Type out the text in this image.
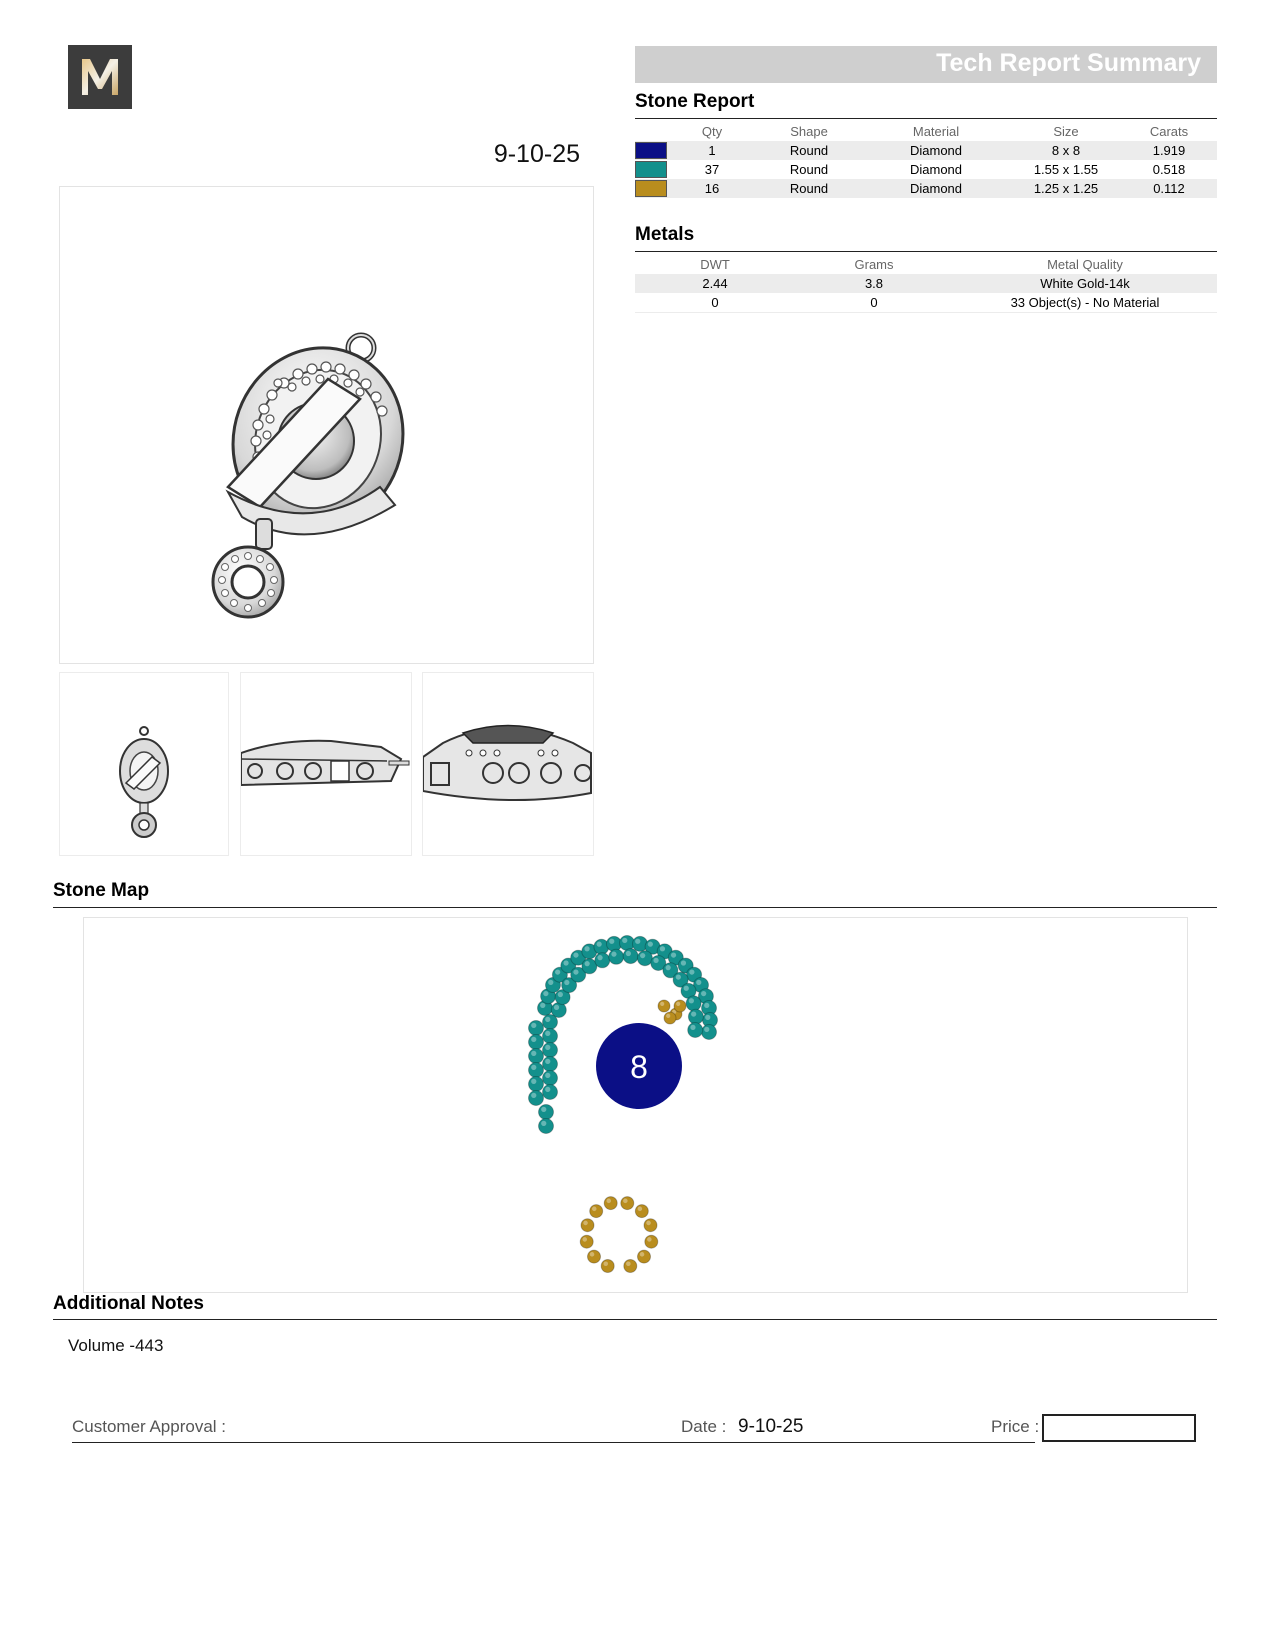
9-10-25
Tech Report Summary
Stone Report
	Qty	Shape	Material	Size	Carats

	1	Round	Diamond	8 x 8	1.919

	37	Round	Diamond	1.55 x 1.55	0.518

	16	Round	Diamond	1.25 x 1.25	0.112
Metals
DWT	Grams	Metal Quality
2.44	3.8	White Gold-14k
0	0	33 Object(s) - No Material
Stone Map
8
Additional Notes
Volume -443
Customer Approval :	Date : 9-10-25	Price :
